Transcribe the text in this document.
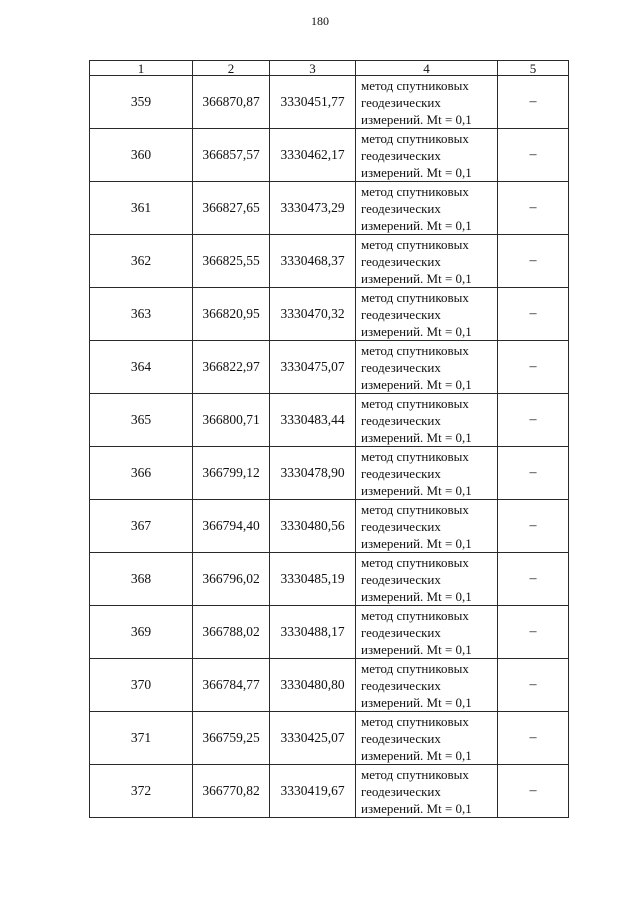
180
1	2	3	4	5
359	366870,87	3330451,77	метод спутниковых
геодезических
измерений. Mt = 0,1	–
360	366857,57	3330462,17	метод спутниковых
геодезических
измерений. Mt = 0,1	–
361	366827,65	3330473,29	метод спутниковых
геодезических
измерений. Mt = 0,1	–
362	366825,55	3330468,37	метод спутниковых
геодезических
измерений. Mt = 0,1	–
363	366820,95	3330470,32	метод спутниковых
геодезических
измерений. Mt = 0,1	–
364	366822,97	3330475,07	метод спутниковых
геодезических
измерений. Mt = 0,1	–
365	366800,71	3330483,44	метод спутниковых
геодезических
измерений. Mt = 0,1	–
366	366799,12	3330478,90	метод спутниковых
геодезических
измерений. Mt = 0,1	–
367	366794,40	3330480,56	метод спутниковых
геодезических
измерений. Mt = 0,1	–
368	366796,02	3330485,19	метод спутниковых
геодезических
измерений. Mt = 0,1	–
369	366788,02	3330488,17	метод спутниковых
геодезических
измерений. Mt = 0,1	–
370	366784,77	3330480,80	метод спутниковых
геодезических
измерений. Mt = 0,1	–
371	366759,25	3330425,07	метод спутниковых
геодезических
измерений. Mt = 0,1	–
372	366770,82	3330419,67	метод спутниковых
геодезических
измерений. Mt = 0,1	–
